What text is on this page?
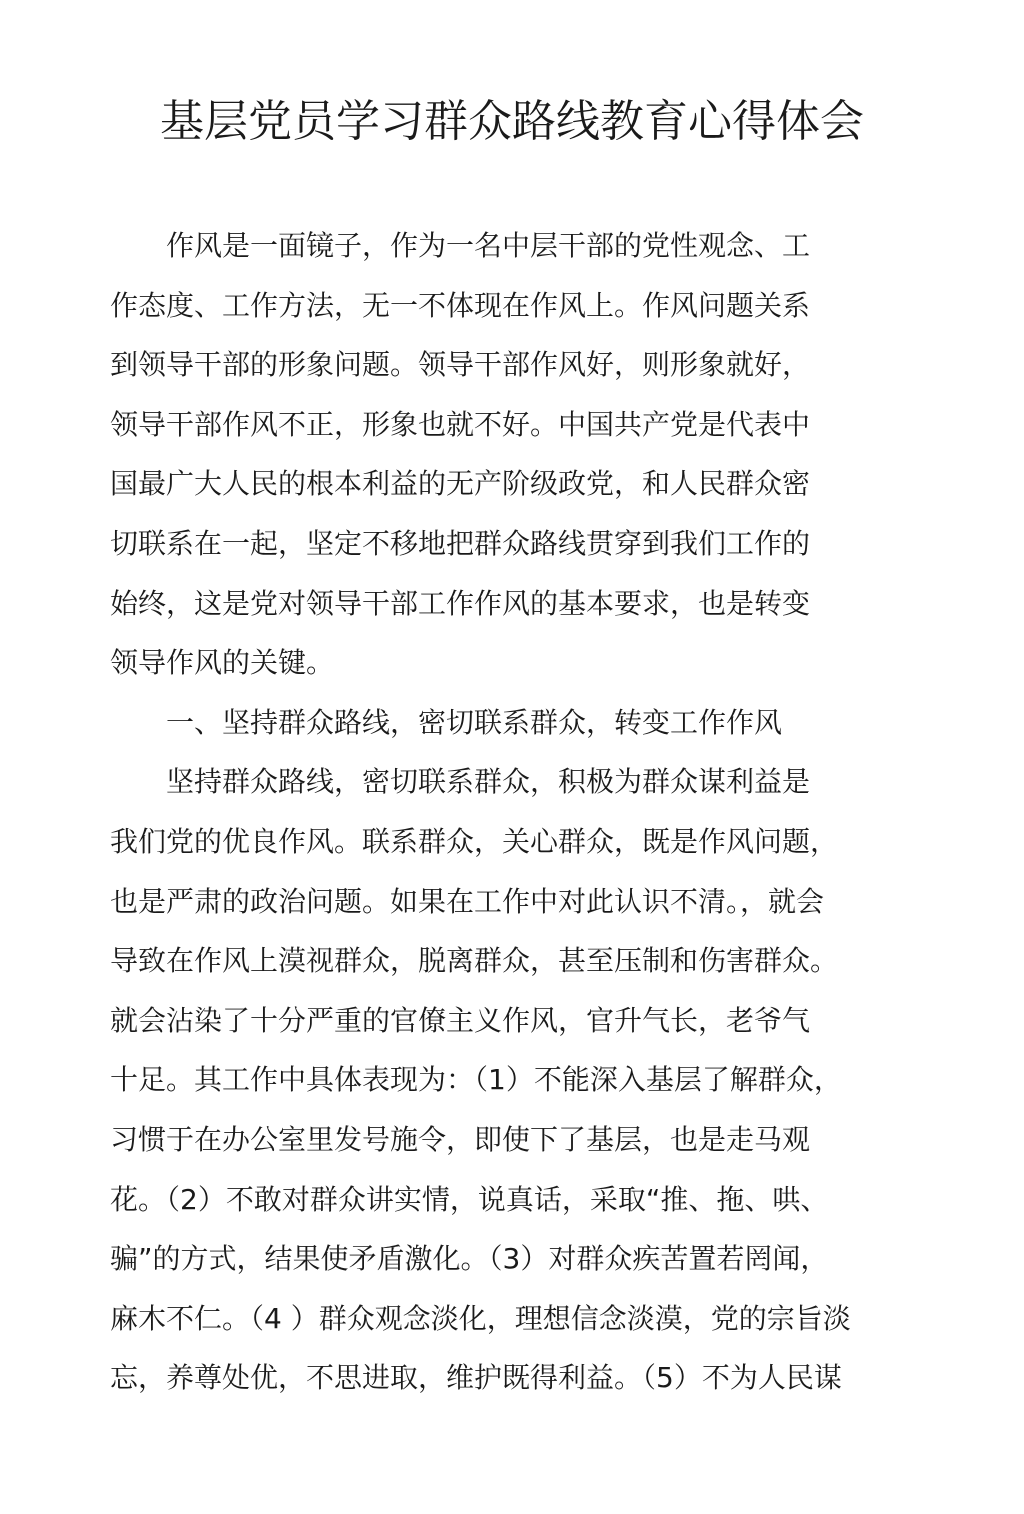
基层党员学习群众路线教育心得体会
　　作风是一面镜子，作为一名中层干部的党性观念、工
作态度、工作方法，无一不体现在作风上。作风问题关系
到领导干部的形象问题。领导干部作风好，则形象就好，
领导干部作风不正，形象也就不好。中国共产党是代表中
国最广大人民的根本利益的无产阶级政党，和人民群众密
切联系在一起，坚定不移地把群众路线贯穿到我们工作的
始终，这是党对领导干部工作作风的基本要求，也是转变
领导作风的关键。
　　一、坚持群众路线，密切联系群众，转变工作作风
　　坚持群众路线，密切联系群众，积极为群众谋利益是
我们党的优良作风。联系群众，关心群众，既是作风问题，
也是严肃的政治问题。如果在工作中对此认识不清。，就会
导致在作风上漠视群众，脱离群众，甚至压制和伤害群众。
就会沾染了十分严重的官僚主义作风，官升气长，老爷气
十足。其工作中具体表现为：（1）不能深入基层了解群众，
习惯于在办公室里发号施令，即使下了基层，也是走马观
花。（2）不敢对群众讲实情，说真话，采取“推、拖、哄、
骗”的方式，结果使矛盾激化。（3）对群众疾苦置若罔闻，
麻木不仁。（4 ）群众观念淡化，理想信念淡漠，党的宗旨淡
忘，养尊处优，不思进取，维护既得利益。（5）不为人民谋
